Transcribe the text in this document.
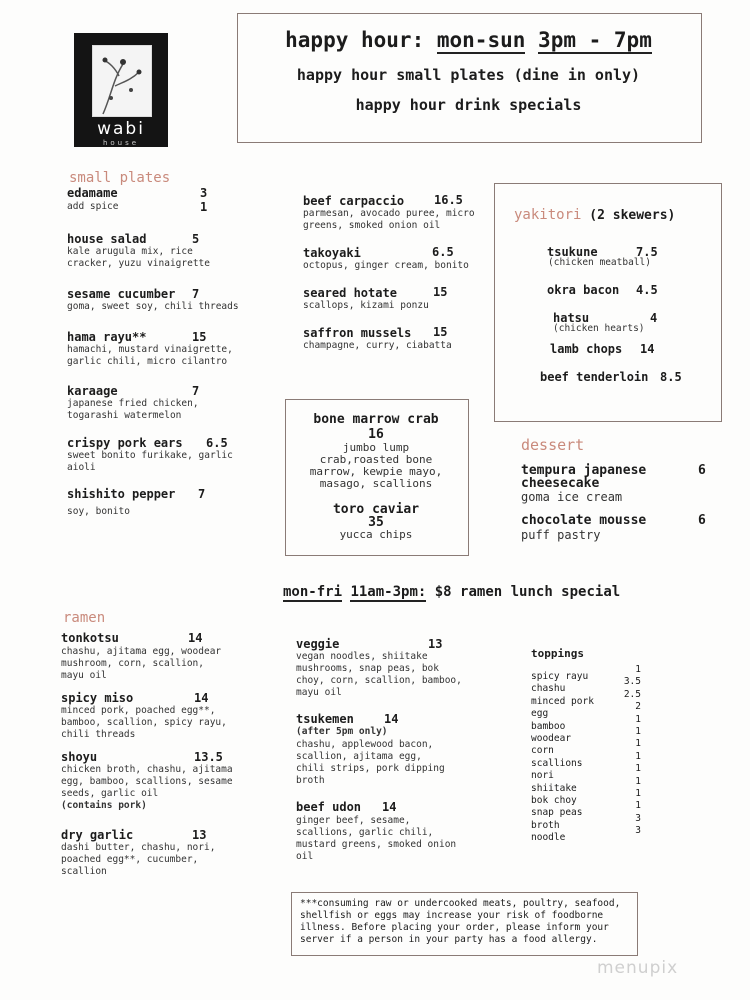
wabi
house
happy hour: mon-sun 3pm - 7pm
happy hour small plates (dine in only)
happy hour drink specials
small plates
edamame	3
add spice	1
house salad	5
kale arugula mix, rice cracker, yuzu vinaigrette
sesame cucumber 7
goma, sweet soy, chili threads
hama rayu**	15
hamachi, mustard vinaigrette, garlic chili, micro cilantro
karaage	7
japanese fried chicken, togarashi watermelon
crispy pork ears 6.5
sweet bonito furikake, garlic aioli
shishito pepper 7
soy, bonito
beef carpaccio 16.5
parmesan, avocado puree, micro greens, smoked onion oil
takoyaki	6.5
octopus, ginger cream, bonito
seared hotate	15
scallops, kizami ponzu
saffron mussels 15
champagne, curry, ciabatta
yakitori (2 skewers)
tsukune	7.5
(chicken meatball)
okra bacon 4.5
hatsu	4
(chicken hearts)
lamb chops 14
beef tenderloin 8.5
bone marrow crab
16
jumbo lump crab,roasted bone marrow, kewpie mayo, masago, scallions
toro caviar
35
yucca chips
dessert
tempura japanese cheesecake
6
goma ice cream
chocolate mousse	6
puff pastry
mon-fri 11am-3pm: $8 ramen lunch special
ramen
tonkotsu	14
chashu, ajitama egg, woodear mushroom, corn, scallion, mayu oil
spicy miso	14
minced pork, poached egg**, bamboo, scallion, spicy rayu, chili threads
shoyu	13.5
chicken broth, chashu, ajitama egg, bamboo, scallions, sesame seeds, garlic oil
(contains pork)
dry garlic	13
dashi butter, chashu, nori, poached egg**, cucumber, scallion
veggie	13
vegan noodles, shiitake mushrooms, snap peas, bok choy, corn, scallion, bamboo, mayu oil
tsukemen	14
(after 5pm only)
chashu, applewood bacon, scallion, ajitama egg, chili strips, pork dipping broth
beef udon 14
ginger beef, sesame, scallions, garlic chili, mustard greens, smoked onion oil
toppings
spicy rayu
1
chashu
3.5
minced pork
2.5
egg
2
bamboo
1
woodear
1
corn
1
scallions
1
nori
1
shiitake
1
bok choy
1
snap peas
1
broth
3
noodle
3
***consuming raw or undercooked meats, poultry, seafood, shellfish or eggs may increase your risk of foodborne illness. Before placing your order, please inform your server if a person in your party has a food allergy.
menupix
